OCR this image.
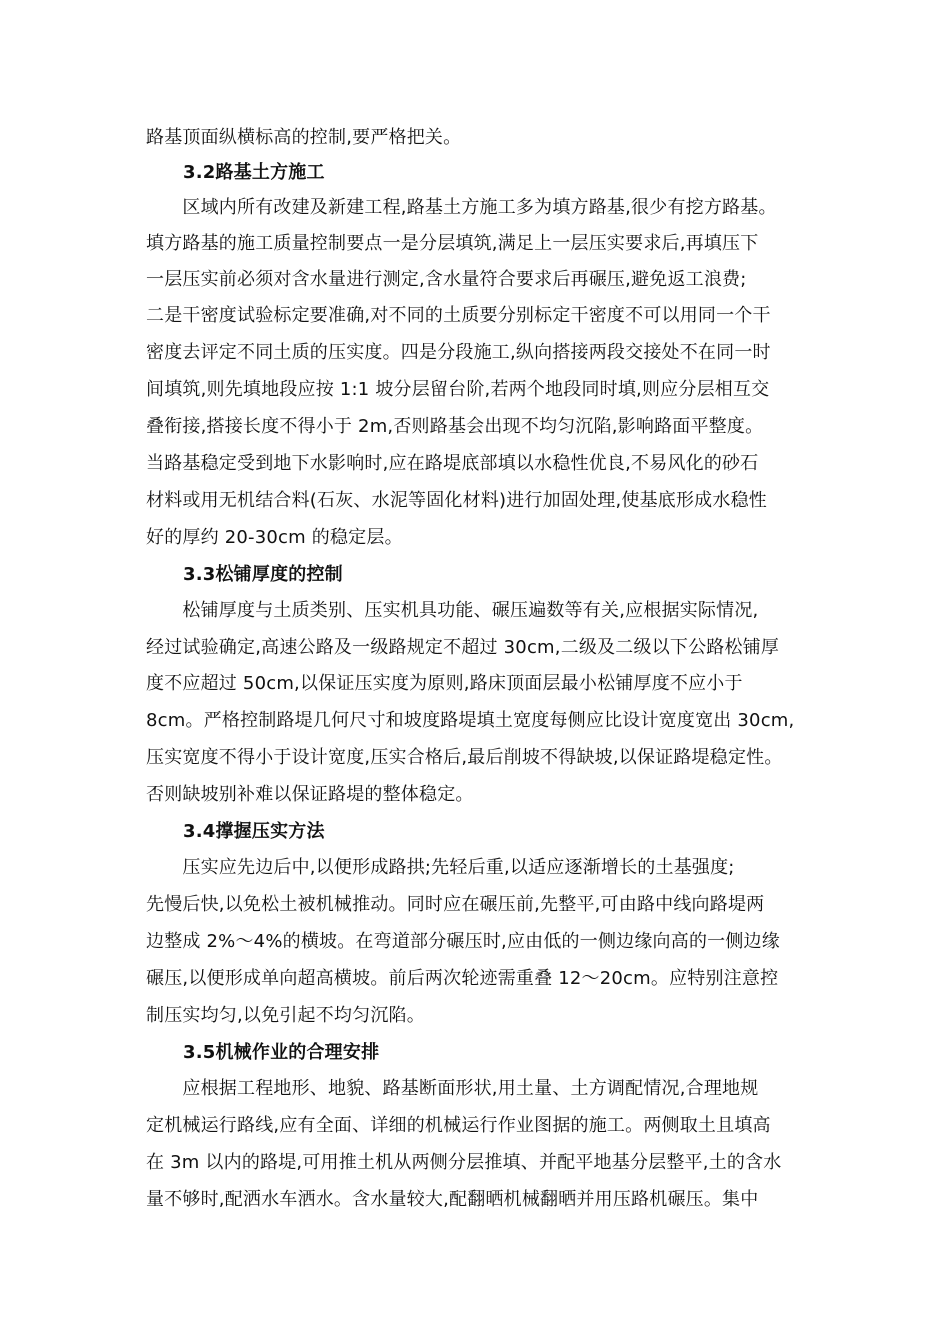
路基顶面纵横标高的控制,要严格把关。
3.2路基土方施工
　　区域内所有改建及新建工程,路基土方施工多为填方路基,很少有挖方路基。
填方路基的施工质量控制要点一是分层填筑,满足上一层压实要求后,再填压下
一层压实前必须对含水量进行测定,含水量符合要求后再碾压,避免返工浪费;
二是干密度试验标定要准确,对不同的土质要分别标定干密度不可以用同一个干
密度去评定不同土质的压实度。四是分段施工,纵向搭接两段交接处不在同一时
间填筑,则先填地段应按 1:1 坡分层留台阶,若两个地段同时填,则应分层相互交
叠衔接,搭接长度不得小于 2m,否则路基会出现不均匀沉陷,影响路面平整度。
当路基稳定受到地下水影响时,应在路堤底部填以水稳性优良,不易风化的砂石
材料或用无机结合料(石灰、水泥等固化材料)进行加固处理,使基底形成水稳性
好的厚约 20-30cm 的稳定层。
3.3松铺厚度的控制
　　松铺厚度与土质类别、压实机具功能、碾压遍数等有关,应根据实际情况,
经过试验确定,高速公路及一级路规定不超过 30cm,二级及二级以下公路松铺厚
度不应超过 50cm,以保证压实度为原则,路床顶面层最小松铺厚度不应小于
8cm。严格控制路堤几何尺寸和坡度路堤填土宽度每侧应比设计宽度宽出 30cm,
压实宽度不得小于设计宽度,压实合格后,最后削坡不得缺坡,以保证路堤稳定性。
否则缺坡别补难以保证路堤的整体稳定。
3.4撑握压实方法
　　压实应先边后中,以便形成路拱;先轻后重,以适应逐渐增长的土基强度;
先慢后快,以免松土被机械推动。同时应在碾压前,先整平,可由路中线向路堤两
边整成 2%～4%的横坡。在弯道部分碾压时,应由低的一侧边缘向高的一侧边缘
碾压,以便形成单向超高横坡。前后两次轮迹需重叠 12～20cm。应特别注意控
制压实均匀,以免引起不均匀沉陷。
3.5机械作业的合理安排
　　应根据工程地形、地貌、路基断面形状,用土量、土方调配情况,合理地规
定机械运行路线,应有全面、详细的机械运行作业图据的施工。两侧取土且填高
在 3m 以内的路堤,可用推土机从两侧分层推填、并配平地基分层整平,土的含水
量不够时,配洒水车洒水。含水量较大,配翻晒机械翻晒并用压路机碾压。集中
